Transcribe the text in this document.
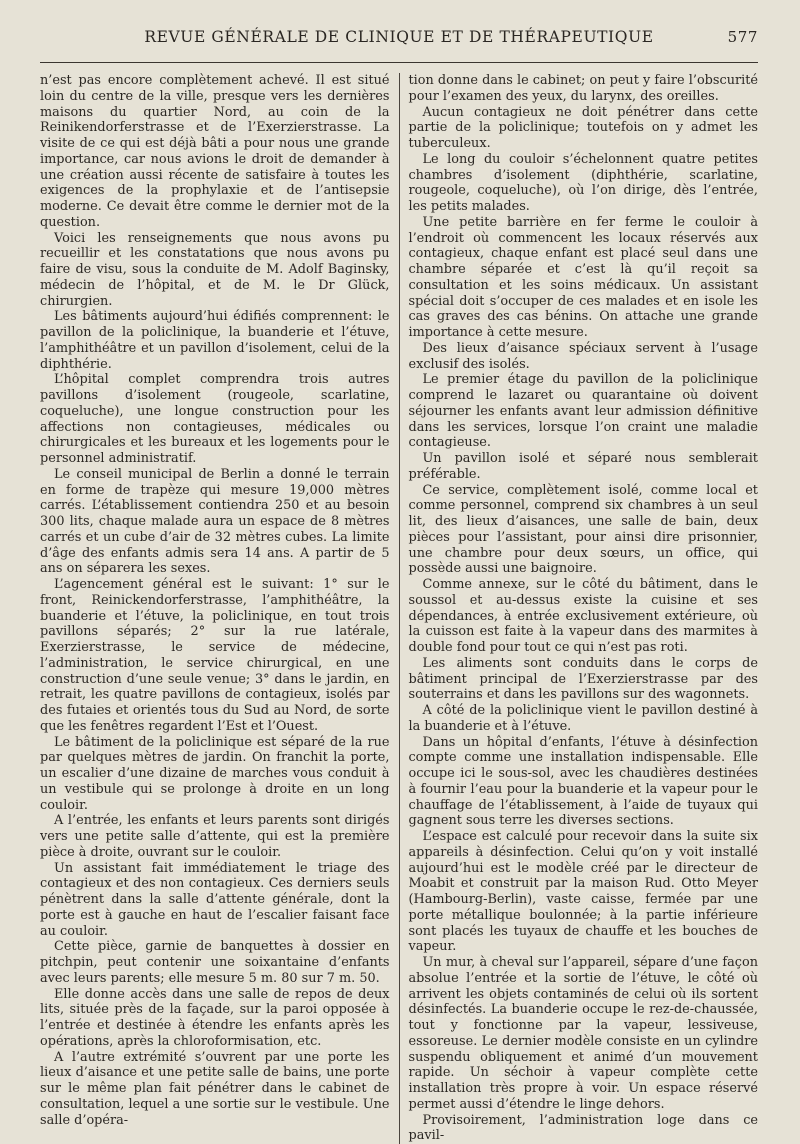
REVUE GÉNÉRALE DE CLINIQUE ET DE THÉRAPEUTIQUE	577

n’est pas encore complètement achevé. Il est situé loin du centre de la ville, presque vers les dernières maisons du quartier Nord, au coin de la Reinikendorferstrasse et de l’Exerzierstrasse. La visite de ce qui est déjà bâti a pour nous une grande importance, car nous avions le droit de demander à une création aussi récente de satisfaire à toutes les exigences de la prophylaxie et de l’antisepsie moderne. Ce devait être comme le dernier mot de la question.

Voici les renseignements que nous avons pu recueillir et les constatations que nous avons pu faire de visu, sous la conduite de M. Adolf Baginsky, médecin de l’hôpital, et de M. le Dr Glück, chirurgien.

Les bâtiments aujourd’hui édifiés comprennent: le pavillon de la policlinique, la buanderie et l’étuve, l’amphithéâtre et un pavillon d’isolement, celui de la diphthérie.

L’hôpital complet comprendra trois autres pavillons d’isolement (rougeole, scarlatine, coqueluche), une longue construction pour les affections non contagieuses, médicales ou chirurgicales et les bureaux et les logements pour le personnel administratif.

Le conseil municipal de Berlin a donné le terrain en forme de trapèze qui mesure 19,000 mètres carrés. L’établissement contiendra 250 et au besoin 300 lits, chaque malade aura un espace de 8 mètres carrés et un cube d’air de 32 mètres cubes. La limite d’âge des enfants admis sera 14 ans. A partir de 5 ans on séparera les sexes.

L’agencement général est le suivant: 1° sur le front, Reinickendorferstrasse, l’amphithéâtre, la buanderie et l’étuve, la policlinique, en tout trois pavillons séparés; 2° sur la rue latérale, Exerzierstrasse, le service de médecine, l’administration, le service chirurgical, en une construction d’une seule venue; 3° dans le jardin, en retrait, les quatre pavillons de contagieux, isolés par des futaies et orientés tous du Sud au Nord, de sorte que les fenêtres regardent l’Est et l’Ouest.

Le bâtiment de la policlinique est séparé de la rue par quelques mètres de jardin. On franchit la porte, un escalier d’une dizaine de marches vous conduit à un vestibule qui se prolonge à droite en un long couloir.

A l’entrée, les enfants et leurs parents sont dirigés vers une petite salle d’attente, qui est la première pièce à droite, ouvrant sur le couloir.

Un assistant fait immédiatement le triage des contagieux et des non contagieux. Ces derniers seuls pénètrent dans la salle d’attente générale, dont la porte est à gauche en haut de l’escalier faisant face au couloir.

Cette pièce, garnie de banquettes à dossier en pitchpin, peut contenir une soixantaine d’enfants avec leurs parents; elle mesure 5 m. 80 sur 7 m. 50.

Elle donne accès dans une salle de repos de deux lits, située près de la façade, sur la paroi opposée à l’entrée et destinée à étendre les enfants après les opérations, après la chloroformisation, etc.

A l’autre extrémité s’ouvrent par une porte les lieux d’aisance et une petite salle de bains, une porte sur le même plan fait pénétrer dans le cabinet de consultation, lequel a une sortie sur le vestibule. Une salle d’opéra-

tion donne dans le cabinet; on peut y faire l’obscurité pour l’examen des yeux, du larynx, des oreilles.

Aucun contagieux ne doit pénétrer dans cette partie de la policlinique; toutefois on y admet les tuberculeux.

Le long du couloir s’échelonnent quatre petites chambres d’isolement (diphthérie, scarlatine, rougeole, coqueluche), où l’on dirige, dès l’entrée, les petits malades.

Une petite barrière en fer ferme le couloir à l’endroit où commencent les locaux réservés aux contagieux, chaque enfant est placé seul dans une chambre séparée et c’est là qu’il reçoit sa consultation et les soins médicaux. Un assistant spécial doit s’occuper de ces malades et en isole les cas graves des cas bénins. On attache une grande importance à cette mesure.

Des lieux d’aisance spéciaux servent à l’usage exclusif des isolés.

Le premier étage du pavillon de la policlinique comprend le lazaret ou quarantaine où doivent séjourner les enfants avant leur admission définitive dans les services, lorsque l’on craint une maladie contagieuse.

Un pavillon isolé et séparé nous semblerait préférable.

Ce service, complètement isolé, comme local et comme personnel, comprend six chambres à un seul lit, des lieux d’aisances, une salle de bain, deux pièces pour l’assistant, pour ainsi dire prisonnier, une chambre pour deux sœurs, un office, qui possède aussi une baignoire.

Comme annexe, sur le côté du bâtiment, dans le soussol et au-dessus existe la cuisine et ses dépendances, à entrée exclusivement extérieure, où la cuisson est faite à la vapeur dans des marmites à double fond pour tout ce qui n’est pas roti.

Les aliments sont conduits dans le corps de bâtiment principal de l’Exerzierstrasse par des souterrains et dans les pavillons sur des wagonnets.

A côté de la policlinique vient le pavillon destiné à la buanderie et à l’étuve.

Dans un hôpital d’enfants, l’étuve à désinfection compte comme une installation indispensable. Elle occupe ici le sous-sol, avec les chaudières destinées à fournir l’eau pour la buanderie et la vapeur pour le chauffage de l’établissement, à l’aide de tuyaux qui gagnent sous terre les diverses sections.

L’espace est calculé pour recevoir dans la suite six appareils à désinfection. Celui qu’on y voit installé aujourd’hui est le modèle créé par le directeur de Moabit et construit par la maison Rud. Otto Meyer (Hambourg-Berlin), vaste caisse, fermée par une porte métallique boulonnée; à la partie inférieure sont placés les tuyaux de chauffe et les bouches de vapeur.

Un mur, à cheval sur l’appareil, sépare d’une façon absolue l’entrée et la sortie de l’étuve, le côté où arrivent les objets contaminés de celui où ils sortent désinfectés. La buanderie occupe le rez-de-chaussée, tout y fonctionne par la vapeur, lessiveuse, essoreuse. Le dernier modèle consiste en un cylindre suspendu obliquement et animé d’un mouvement rapide. Un séchoir à vapeur complète cette installation très propre à voir. Un espace réservé permet aussi d’étendre le linge dehors.

Provisoirement, l’administration loge dans ce pavil-
